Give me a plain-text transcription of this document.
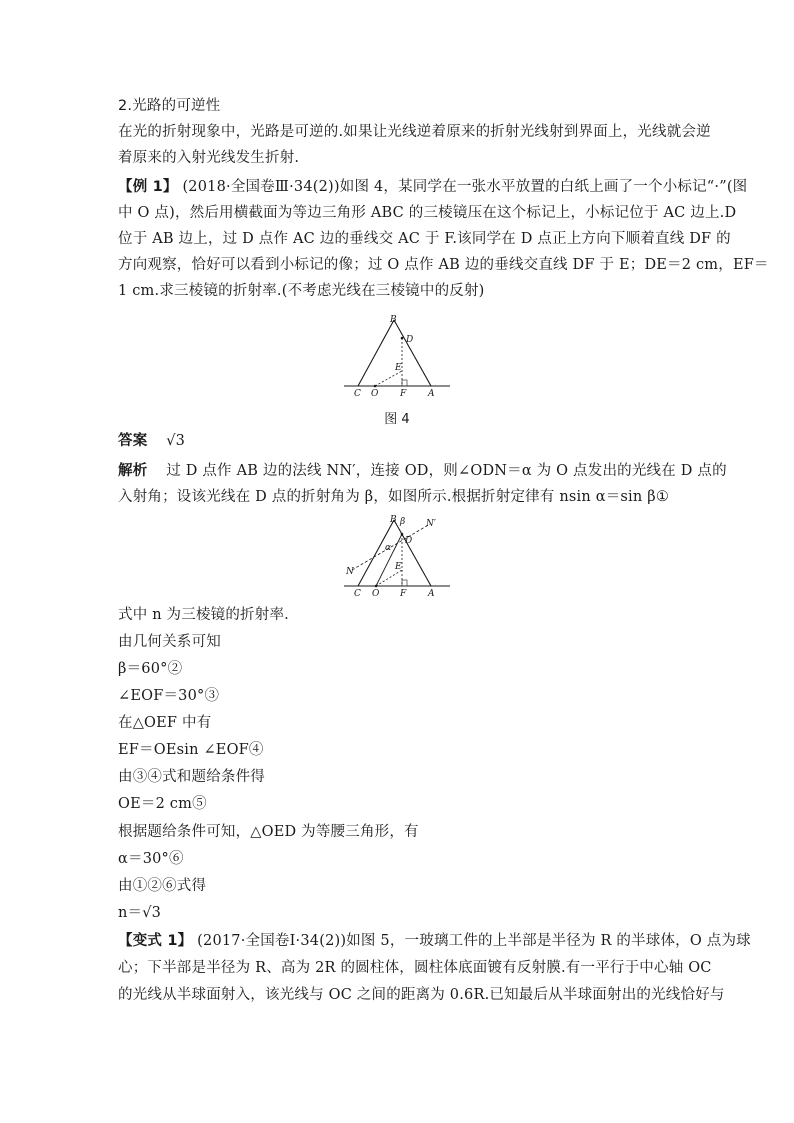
2.光路的可逆性
在光的折射现象中，光路是可逆的.如果让光线逆着原来的折射光线射到界面上，光线就会逆
着原来的入射光线发生折射.
【例 1】 (2018·全国卷Ⅲ·34(2))如图 4，某同学在一张水平放置的白纸上画了一个小标记“·”(图
中 O 点)，然后用横截面为等边三角形 ABC 的三棱镜压在这个标记上，小标记位于 AC 边上.D
位于 AB 边上，过 D 点作 AC 边的垂线交 AC 于 F.该同学在 D 点正上方向下顺着直线 DF 的
方向观察，恰好可以看到小标记的像；过 O 点作 AB 边的垂线交直线 DF 于 E；DE＝2 cm，EF＝
1 cm.求三棱镜的折射率.(不考虑光线在三棱镜中的反射)
B
D
E
C O F A
图 4
答案 √3
解析 过 D 点作 AB 边的法线 NN′，连接 OD，则∠ODN＝α 为 O 点发出的光线在 D 点的
入射角；设该光线在 D 点的折射角为 β，如图所示.根据折射定律有 nsin α＝sin β①
B β N′
α
D
N	E
C O F A
式中 n 为三棱镜的折射率.
由几何关系可知
β＝60°②
∠EOF＝30°③
在△OEF 中有
EF＝OEsin ∠EOF④
由③④式和题给条件得
OE＝2 cm⑤
根据题给条件可知，△OED 为等腰三角形，有
α＝30°⑥
由①②⑥式得
n＝√3
【变式 1】 (2017·全国卷Ⅰ·34(2))如图 5，一玻璃工件的上半部是半径为 R 的半球体，O 点为球
心；下半部是半径为 R、高为 2R 的圆柱体，圆柱体底面镀有反射膜.有一平行于中心轴 OC
的光线从半球面射入，该光线与 OC 之间的距离为 0.6R.已知最后从半球面射出的光线恰好与
